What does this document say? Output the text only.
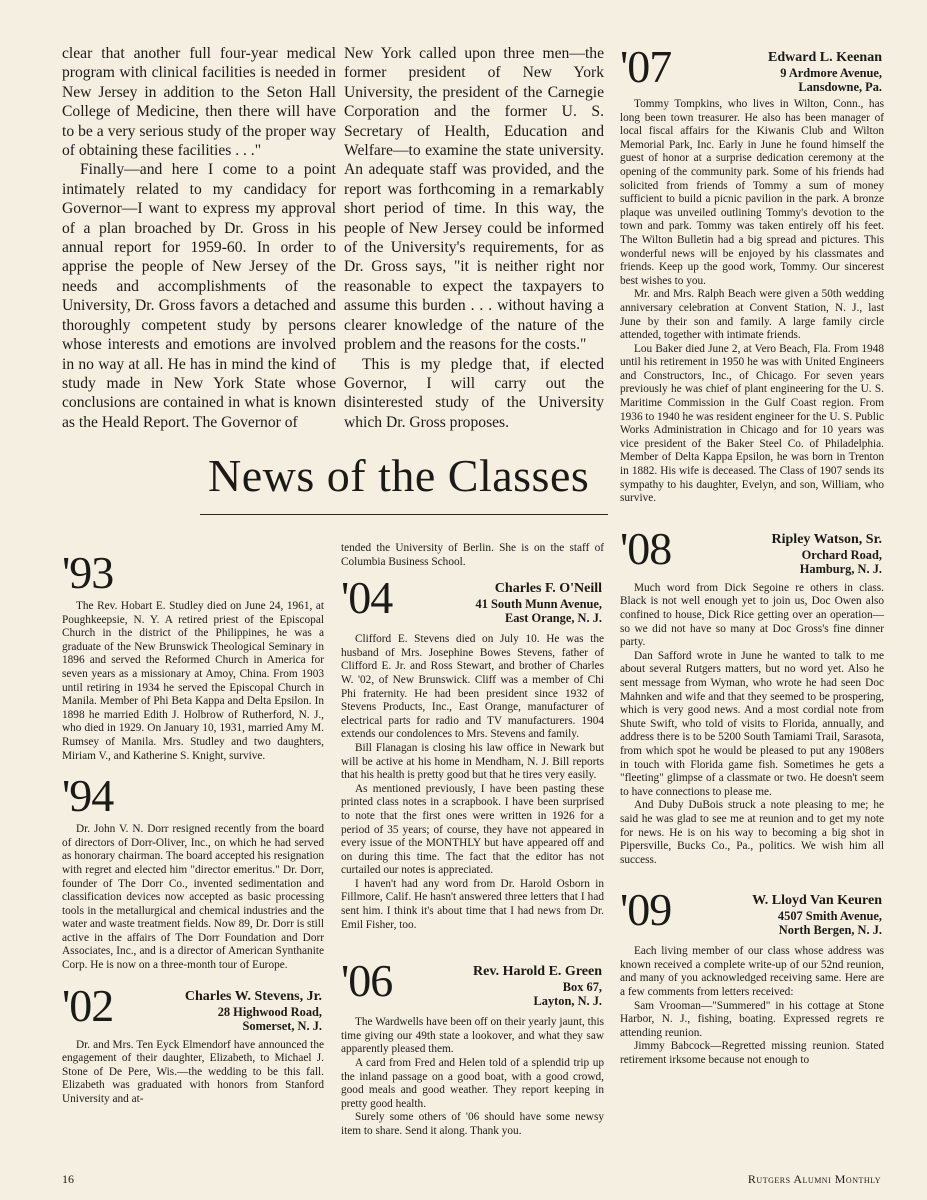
clear that another full four-year medical program with clinical facilities is needed in New Jersey in addition to the Seton Hall College of Medicine, then there will have to be a very serious study of the proper way of obtaining these facilities . . ."

Finally—and here I come to a point intimately related to my candidacy for Governor—I want to express my approval of a plan broached by Dr. Gross in his annual report for 1959-60. In order to apprise the people of New Jersey of the needs and accomplishments of the University, Dr. Gross favors a detached and thoroughly competent study by persons whose interests and emotions are involved in no way at all. He has in mind the kind of study made in New York State whose conclusions are contained in what is known as the Heald Report. The Governor of

New York called upon three men—the former president of New York University, the president of the Carnegie Corporation and the former U. S. Secretary of Health, Education and Welfare—to examine the state university. An adequate staff was provided, and the report was forthcoming in a remarkably short period of time. In this way, the people of New Jersey could be informed of the University's requirements, for as Dr. Gross says, "it is neither right nor reasonable to expect the taxpayers to assume this burden . . . without having a clearer knowledge of the nature of the problem and the reasons for the costs."

This is my pledge that, if elected Governor, I will carry out the disinterested study of the University which Dr. Gross proposes.

News of the Classes
'93

The Rev. Hobart E. Studley died on June 24, 1961, at Poughkeepsie, N. Y. A retired priest of the Episcopal Church in the district of the Philippines, he was a graduate of the New Brunswick Theological Seminary in 1896 and served the Reformed Church in America for seven years as a missionary at Amoy, China. From 1903 until retiring in 1934 he served the Episcopal Church in Manila. Member of Phi Beta Kappa and Delta Epsilon. In 1898 he married Edith J. Holbrow of Rutherford, N. J., who died in 1929. On January 10, 1931, married Amy M. Rumsey of Manila. Mrs. Studley and two daughters, Miriam V., and Katherine S. Knight, survive.

'94

Dr. John V. N. Dorr resigned recently from the board of directors of Dorr-Oliver, Inc., on which he had served as honorary chairman. The board accepted his resignation with regret and elected him "director emeritus." Dr. Dorr, founder of The Dorr Co., invented sedimentation and classification devices now accepted as basic processing tools in the metallurgical and chemical industries and the water and waste treatment fields. Now 89, Dr. Dorr is still active in the affairs of The Dorr Foundation and Dorr Associates, Inc., and is a director of American Synthanite Corp. He is now on a three-month tour of Europe.

'02	Charles W. Stevens, Jr.
28 Highwood Road,
Somerset, N. J.

Dr. and Mrs. Ten Eyck Elmendorf have announced the engagement of their daughter, Elizabeth, to Michael J. Stone of De Pere, Wis.—the wedding to be this fall. Elizabeth was graduated with honors from Stanford University and at-

tended the University of Berlin. She is on the staff of Columbia Business School.

'04	Charles F. O'Neill
41 South Munn Avenue,
East Orange, N. J.

Clifford E. Stevens died on July 10. He was the husband of Mrs. Josephine Bowes Stevens, father of Clifford E. Jr. and Ross Stewart, and brother of Charles W. '02, of New Brunswick. Cliff was a member of Chi Phi fraternity. He had been president since 1932 of Stevens Products, Inc., East Orange, manufacturer of electrical parts for radio and TV manufacturers. 1904 extends our condolences to Mrs. Stevens and family.

Bill Flanagan is closing his law office in Newark but will be active at his home in Mendham, N. J. Bill reports that his health is pretty good but that he tires very easily.

As mentioned previously, I have been pasting these printed class notes in a scrapbook. I have been surprised to note that the first ones were written in 1926 for a period of 35 years; of course, they have not appeared in every issue of the MONTHLY but have appeared off and on during this time. The fact that the editor has not curtailed our notes is appreciated.

I haven't had any word from Dr. Harold Osborn in Fillmore, Calif. He hasn't answered three letters that I had sent him. I think it's about time that I had news from Dr. Emil Fisher, too.

'06	Rev. Harold E. Green
Box 67,
Layton, N. J.

The Wardwells have been off on their yearly jaunt, this time giving our 49th state a lookover, and what they saw apparently pleased them.

A card from Fred and Helen told of a splendid trip up the inland passage on a good boat, with a good crowd, good meals and good weather. They report keeping in pretty good health.

Surely some others of '06 should have some newsy item to share. Send it along. Thank you.

'07	Edward L. Keenan
9 Ardmore Avenue,
Lansdowne, Pa.

Tommy Tompkins, who lives in Wilton, Conn., has long been town treasurer. He also has been manager of local fiscal affairs for the Kiwanis Club and Wilton Memorial Park, Inc. Early in June he found himself the guest of honor at a surprise dedication ceremony at the opening of the community park. Some of his friends had solicited from friends of Tommy a sum of money sufficient to build a picnic pavilion in the park. A bronze plaque was unveiled outlining Tommy's devotion to the town and park. Tommy was taken entirely off his feet. The Wilton Bulletin had a big spread and pictures. This wonderful news will be enjoyed by his classmates and friends. Keep up the good work, Tommy. Our sincerest best wishes to you.

Mr. and Mrs. Ralph Beach were given a 50th wedding anniversary celebration at Convent Station, N. J., last June by their son and family. A large family circle attended, together with intimate friends.

Lou Baker died June 2, at Vero Beach, Fla. From 1948 until his retirement in 1950 he was with United Engineers and Constructors, Inc., of Chicago. For seven years previously he was chief of plant engineering for the U. S. Maritime Commission in the Gulf Coast region. From 1936 to 1940 he was resident engineer for the U. S. Public Works Administration in Chicago and for 10 years was vice president of the Baker Steel Co. of Philadelphia. Member of Delta Kappa Epsilon, he was born in Trenton in 1882. His wife is deceased. The Class of 1907 sends its sympathy to his daughter, Evelyn, and son, William, who survive.

'08	Ripley Watson, Sr.
Orchard Road,
Hamburg, N. J.

Much word from Dick Segoine re others in class. Black is not well enough yet to join us, Doc Owen also confined to house, Dick Rice getting over an operation—so we did not have so many at Doc Gross's fine dinner party.

Dan Safford wrote in June he wanted to talk to me about several Rutgers matters, but no word yet. Also he sent message from Wyman, who wrote he had seen Doc Mahnken and wife and that they seemed to be prospering, which is very good news. And a most cordial note from Shute Swift, who told of visits to Florida, annually, and address there is to be 5200 South Tamiami Trail, Sarasota, from which spot he would be pleased to put any 1908ers in touch with Florida game fish. Sometimes he gets a "fleeting" glimpse of a classmate or two. He doesn't seem to have connections to please me.

And Duby DuBois struck a note pleasing to me; he said he was glad to see me at reunion and to get my note for news. He is on his way to becoming a big shot in Pipersville, Bucks Co., Pa., politics. We wish him all success.

'09	W. Lloyd Van Keuren
4507 Smith Avenue,
North Bergen, N. J.

Each living member of our class whose address was known received a complete write-up of our 52nd reunion, and many of you acknowledged receiving same. Here are a few comments from letters received:

Sam Vrooman—"Summered" in his cottage at Stone Harbor, N. J., fishing, boating. Expressed regrets re attending reunion.

Jimmy Babcock—Regretted missing reunion. Stated retirement irksome because not enough to

16	Rutgers Alumni Monthly
